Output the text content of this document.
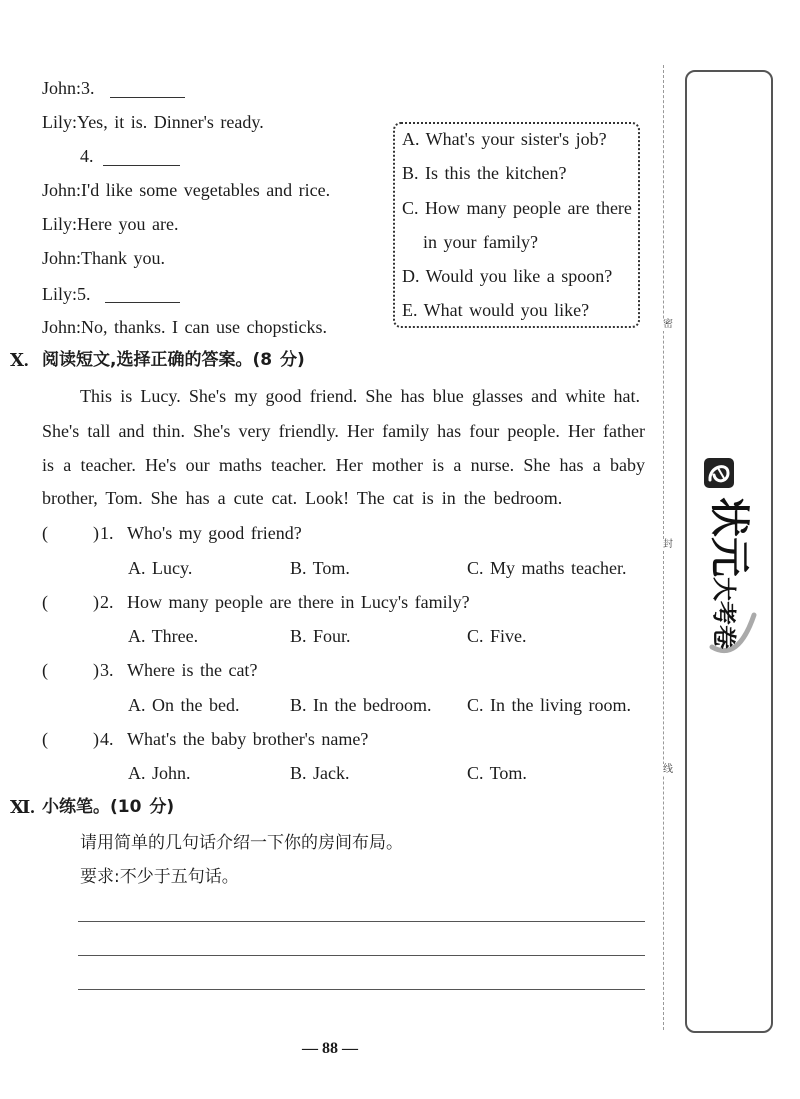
John:3.
Lily:Yes, it is. Dinner's ready.
4.
John:I'd like some vegetables and rice.
Lily:Here you are.
John:Thank you.
Lily:5.
John:No, thanks. I can use chopsticks.
A. What's your sister's job?
B. Is this the kitchen?
C. How many people are there
in your family?
D. Would you like a spoon?
E. What would you like?
Ⅹ. 阅读短文,选择正确的答案。(8 分)
This is Lucy. She's my good friend. She has blue glasses and white hat.
She's tall and thin. She's very friendly. Her family has four people. Her father
is a teacher. He's our maths teacher. Her mother is a nurse. She has a baby
brother, Tom. She has a cute cat. Look! The cat is in the bedroom.
(	) 1. Who's my good friend?
A. Lucy.	B. Tom.	C. My maths teacher.
(	) 2. How many people are there in Lucy's family?
A. Three.	B. Four.	C. Five.
(	) 3. Where is the cat?
A. On the bed.	B. In the bedroom. C. In the living room.
(	) 4. What's the baby brother's name?
A. John.	B. Jack.	C. Tom.
Ⅺ. 小练笔。(10 分)
请用简单的几句话介绍一下你的房间布局。
要求:不少于五句话。
— 88 —
密
封
线
状元大考卷
